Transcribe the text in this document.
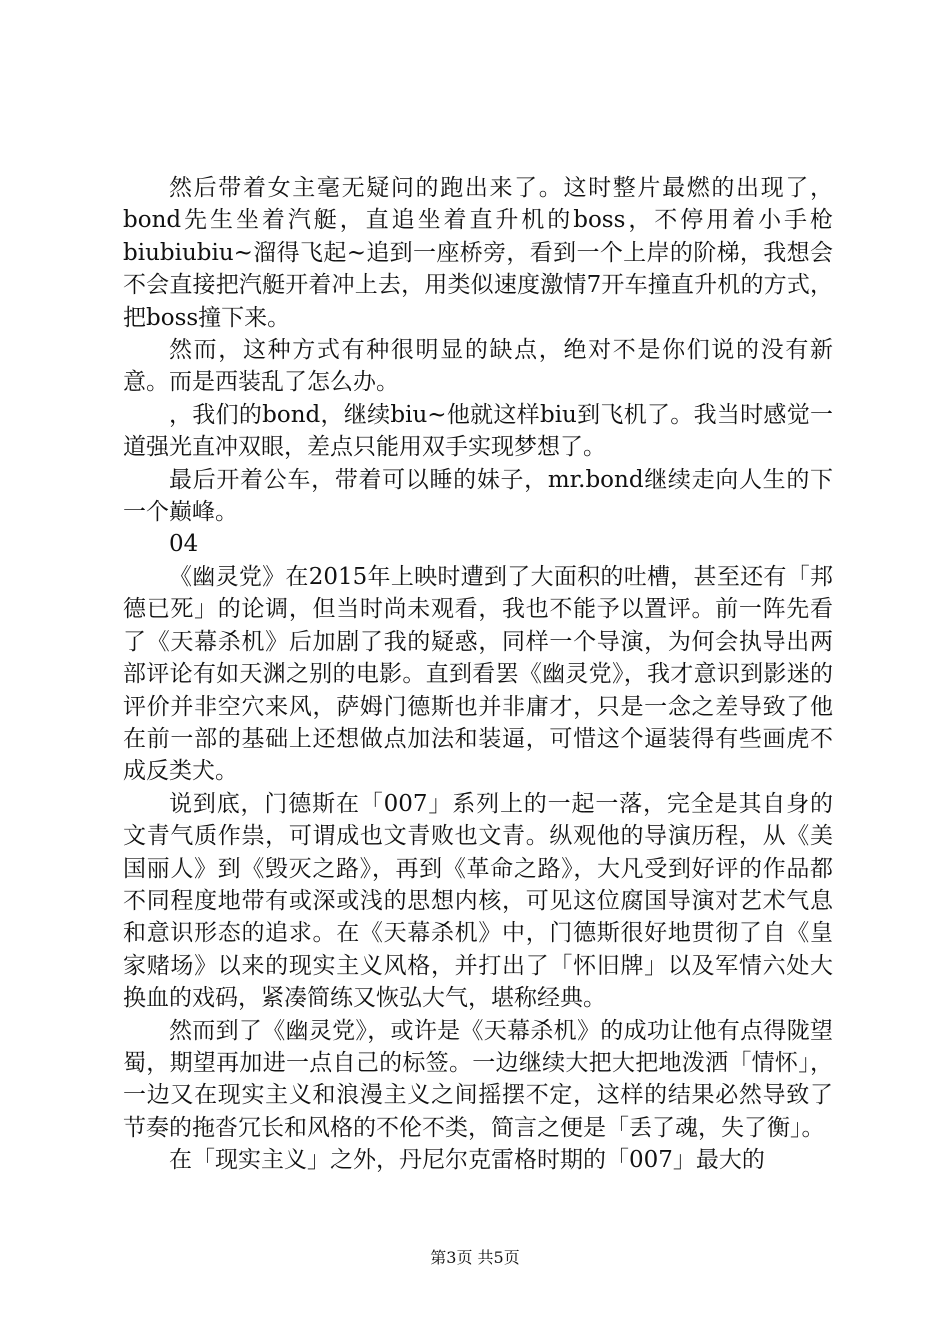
然后带着女主毫无疑问的跑出来了。这时整片最燃的出现了，bond先生坐着汽艇，直追坐着直升机的boss，不停用着小手枪biubiubiu~溜得飞起~追到一座桥旁，看到一个上岸的阶梯，我想会不会直接把汽艇开着冲上去，用类似速度激情7开车撞直升机的方式，把boss撞下来。

然而，这种方式有种很明显的缺点，绝对不是你们说的没有新意。而是西装乱了怎么办。

，我们的bond，继续biu~他就这样biu到飞机了。我当时感觉一道强光直冲双眼，差点只能用双手实现梦想了。

最后开着公车，带着可以睡的妹子，mr.bond继续走向人生的下一个巅峰。

04

《幽灵党》在2015年上映时遭到了大面积的吐槽，甚至还有「邦德已死」的论调，但当时尚未观看，我也不能予以置评。前一阵先看了《天幕杀机》后加剧了我的疑惑，同样一个导演，为何会执导出两部评论有如天渊之别的电影。直到看罢《幽灵党》，我才意识到影迷的评价并非空穴来风，萨姆门德斯也并非庸才，只是一念之差导致了他在前一部的基础上还想做点加法和装逼，可惜这个逼装得有些画虎不成反类犬。

说到底，门德斯在「007」系列上的一起一落，完全是其自身的文青气质作祟，可谓成也文青败也文青。纵观他的导演历程，从《美国丽人》到《毁灭之路》，再到《革命之路》，大凡受到好评的作品都不同程度地带有或深或浅的思想内核，可见这位腐国导演对艺术气息和意识形态的追求。在《天幕杀机》中，门德斯很好地贯彻了自《皇家赌场》以来的现实主义风格，并打出了「怀旧牌」以及军情六处大换血的戏码，紧凑简练又恢弘大气，堪称经典。

然而到了《幽灵党》，或许是《天幕杀机》的成功让他有点得陇望蜀，期望再加进一点自己的标签。一边继续大把大把地泼洒「情怀」，一边又在现实主义和浪漫主义之间摇摆不定，这样的结果必然导致了节奏的拖沓冗长和风格的不伦不类，简言之便是「丢了魂，失了衡」。

在「现实主义」之外，丹尼尔克雷格时期的「007」最大的

第3页 共5页
